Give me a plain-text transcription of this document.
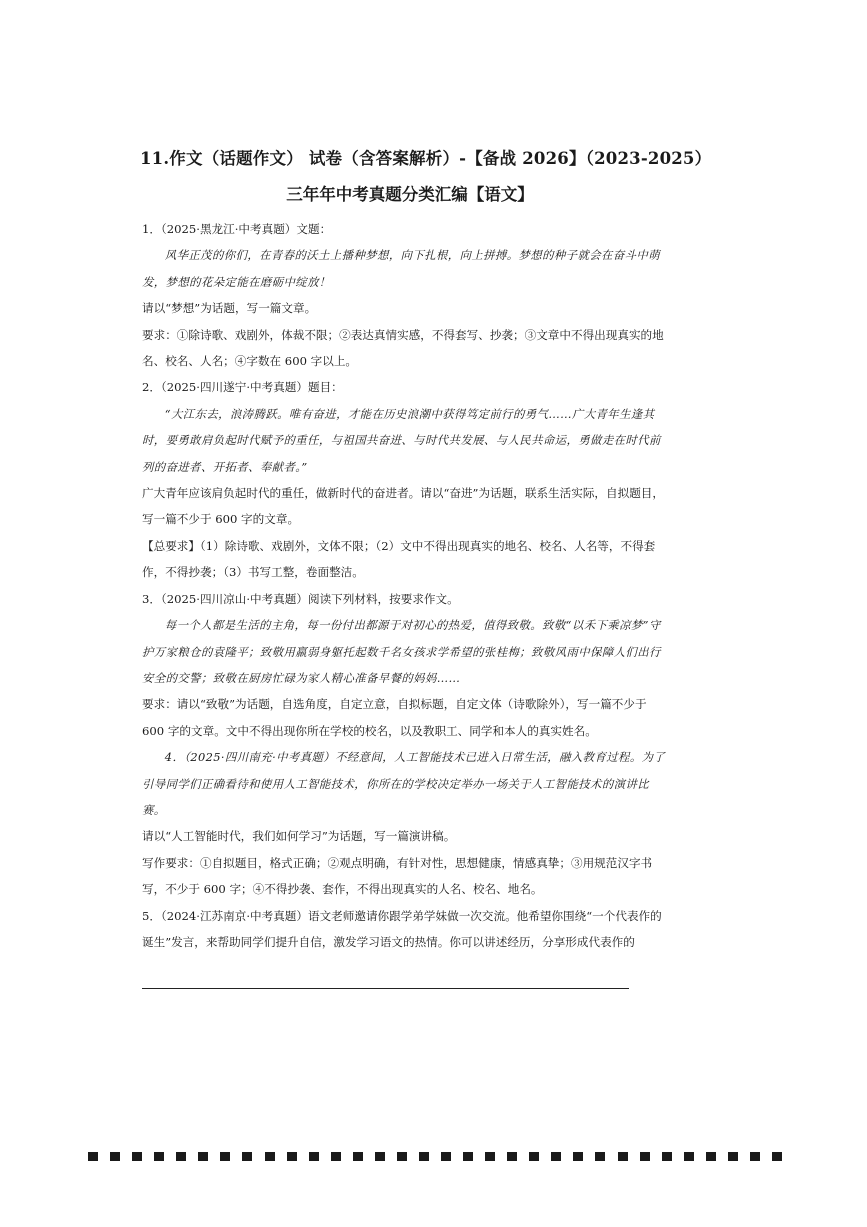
11.作文（话题作文） 试卷（含答案解析）-【备战 2026】（2023-2025）
三年年中考真题分类汇编【语文】

1．（2025·黑龙江·中考真题）文题：

风华正茂的你们，在青春的沃土上播种梦想，向下扎根，向上拼搏。梦想的种子就会在奋斗中萌发，梦想的花朵定能在磨砺中绽放！

请以“梦想”为话题，写一篇文章。

要求：①除诗歌、戏剧外，体裁不限；②表达真情实感，不得套写、抄袭；③文章中不得出现真实的地名、校名、人名；④字数在 600 字以上。

2．（2025·四川遂宁·中考真题）题目：

“大江东去，浪涛腾跃。唯有奋进，才能在历史浪潮中获得笃定前行的勇气……广大青年生逢其时，要勇敢肩负起时代赋予的重任，与祖国共奋进、与时代共发展、与人民共命运，勇做走在时代前列的奋进者、开拓者、奉献者。”

广大青年应该肩负起时代的重任，做新时代的奋进者。请以“奋进”为话题，联系生活实际，自拟题目，写一篇不少于 600 字的文章。

【总要求】（1）除诗歌、戏剧外，文体不限；（2）文中不得出现真实的地名、校名、人名等，不得套作，不得抄袭；（3）书写工整，卷面整洁。

3．（2025·四川凉山·中考真题）阅读下列材料，按要求作文。

每一个人都是生活的主角，每一份付出都源于对初心的热爱，值得致敬。致敬“以禾下乘凉梦”守护万家粮仓的袁隆平；致敬用羸弱身躯托起数千名女孩求学希望的张桂梅；致敬风雨中保障人们出行安全的交警；致敬在厨房忙碌为家人精心准备早餐的妈妈……

要求：请以“致敬”为话题，自选角度，自定立意，自拟标题，自定文体（诗歌除外），写一篇不少于 600 字的文章。文中不得出现你所在学校的校名，以及教职工、同学和本人的真实姓名。

4．（2025·四川南充·中考真题）不经意间，人工智能技术已进入日常生活，融入教育过程。为了引导同学们正确看待和使用人工智能技术，你所在的学校决定举办一场关于人工智能技术的演讲比赛。

请以“人工智能时代，我们如何学习”为话题，写一篇演讲稿。

写作要求：①自拟题目，格式正确；②观点明确，有针对性，思想健康，情感真挚；③用规范汉字书写，不少于 600 字；④不得抄袭、套作，不得出现真实的人名、校名、地名。

5．（2024·江苏南京·中考真题）语文老师邀请你跟学弟学妹做一次交流。他希望你围绕“一个代表作的诞生”发言，来帮助同学们提升自信，激发学习语文的热情。你可以讲述经历，分享形成代表作的
